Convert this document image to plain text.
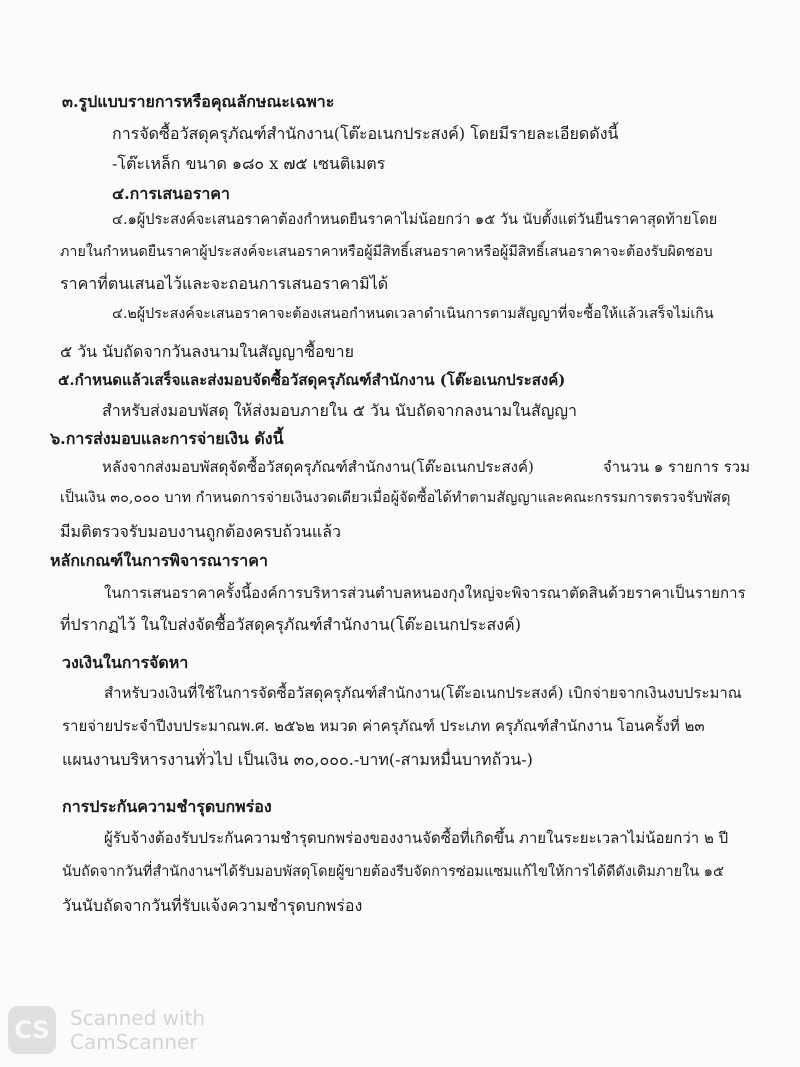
๓.รูปแบบรายการหรือคุณลักษณะเฉพาะ
การจัดซื้อวัสดุครุภัณฑ์สำนักงาน(โต๊ะอเนกประสงค์) โดยมีรายละเอียดดังนี้
-โต๊ะเหล็ก ขนาด ๑๘๐ x ๗๕ เซนติเมตร
๔.การเสนอราคา
๔.๑ผู้ประสงค์จะเสนอราคาต้องกำหนดยืนราคาไม่น้อยกว่า ๑๕ วัน นับตั้งแต่วันยืนราคาสุดท้ายโดย
ภายในกำหนดยืนราคาผู้ประสงค์จะเสนอราคาหรือผู้มีสิทธิ์เสนอราคาหรือผู้มีสิทธิ์เสนอราคาจะต้องรับผิดชอบ
ราคาที่ตนเสนอไว้และจะถอนการเสนอราคามิได้
๔.๒ผู้ประสงค์จะเสนอราคาจะต้องเสนอกำหนดเวลาดำเนินการตามสัญญาที่จะซื้อให้แล้วเสร็จไม่เกิน
๕ วัน นับถัดจากวันลงนามในสัญญาซื้อขาย
๕.กำหนดแล้วเสร็จและส่งมอบจัดซื้อวัสดุครุภัณฑ์สำนักงาน (โต๊ะอเนกประสงค์)
สำหรับส่งมอบพัสดุ ให้ส่งมอบภายใน ๕ วัน นับถัดจากลงนามในสัญญา
๖.การส่งมอบและการจ่ายเงิน ดังนี้
หลังจากส่งมอบพัสดุจัดซื้อวัสดุครุภัณฑ์สำนักงาน(โต๊ะอเนกประสงค์)	จำนวน ๑ รายการ รวม
เป็นเงิน ๓๐,๐๐๐ บาท กำหนดการจ่ายเงินงวดเดียวเมื่อผู้จัดซื้อได้ทำตามสัญญาและคณะกรรมการตรวจรับพัสดุ
มีมติตรวจรับมอบงานถูกต้องครบถ้วนแล้ว
หลักเกณฑ์ในการพิจารณาราคา
ในการเสนอราคาครั้งนี้องค์การบริหารส่วนตำบลหนองกุงใหญ่จะพิจารณาตัดสินด้วยราคาเป็นรายการ
ที่ปรากฏไว้ ในใบส่งจัดซื้อวัสดุครุภัณฑ์สำนักงาน(โต๊ะอเนกประสงค์)
วงเงินในการจัดหา
สำหรับวงเงินที่ใช้ในการจัดซื้อวัสดุครุภัณฑ์สำนักงาน(โต๊ะอเนกประสงค์) เบิกจ่ายจากเงินงบประมาณ
รายจ่ายประจำปีงบประมาณพ.ศ. ๒๕๖๒ หมวด ค่าครุภัณฑ์ ประเภท ครุภัณฑ์สำนักงาน โอนครั้งที่ ๒๓
แผนงานบริหารงานทั่วไป เป็นเงิน ๓๐,๐๐๐.-บาท(-สามหมื่นบาทถ้วน-)
การประกันความชำรุดบกพร่อง
ผู้รับจ้างต้องรับประกันความชำรุดบกพร่องของงานจัดซื้อที่เกิดขึ้น ภายในระยะเวลาไม่น้อยกว่า ๒ ปี
นับถัดจากวันที่สำนักงานฯได้รับมอบพัสดุโดยผู้ขายต้องรีบจัดการซ่อมแซมแก้ไขให้การได้ดีดังเดิมภายใน ๑๕
วันนับถัดจากวันที่รับแจ้งความชำรุดบกพร่อง
CS	Scanned with
CamScanner
